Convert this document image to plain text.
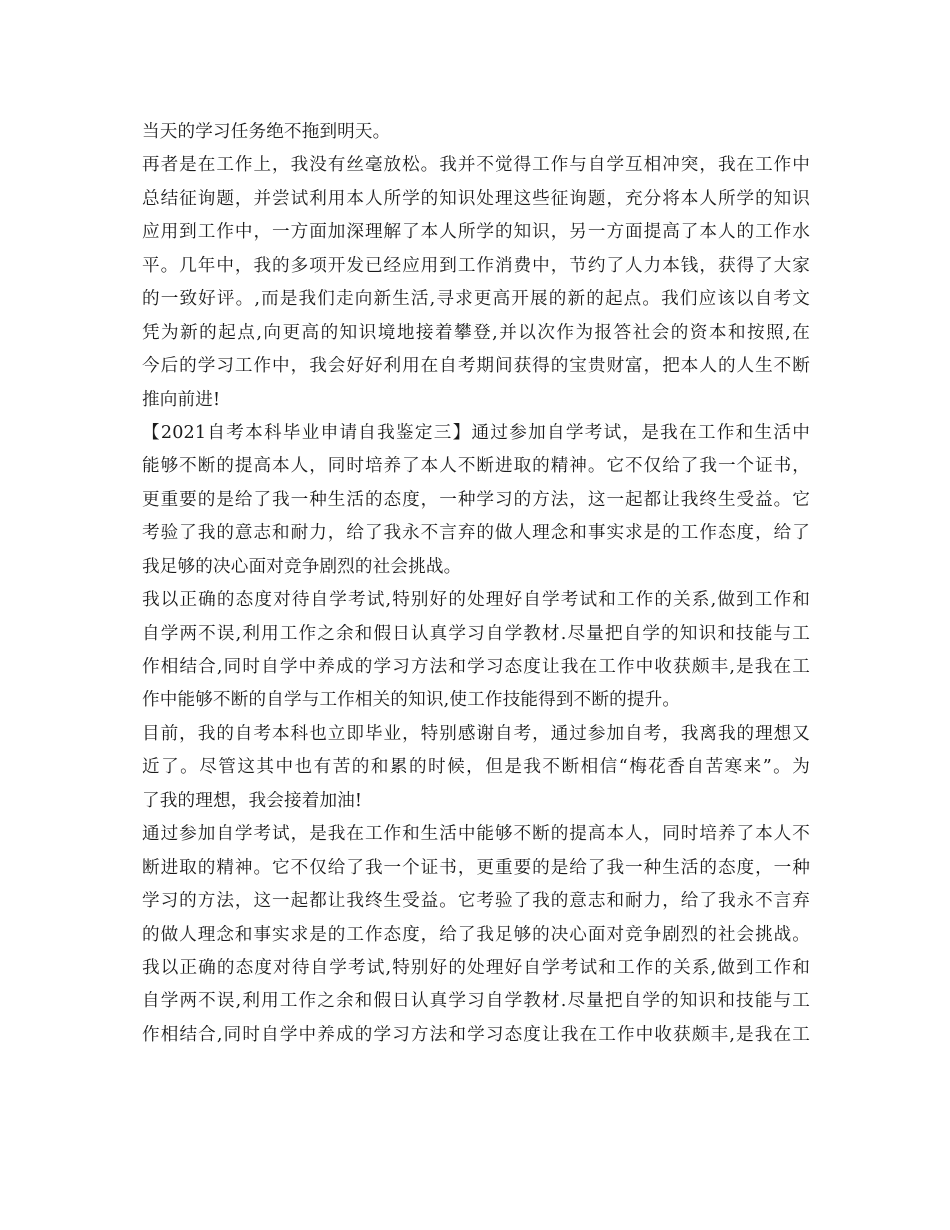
当天的学习任务绝不拖到明天。
再者是在工作上，我没有丝毫放松。我并不觉得工作与自学互相冲突，我在工作中
总结征询题，并尝试利用本人所学的知识处理这些征询题，充分将本人所学的知识
应用到工作中，一方面加深理解了本人所学的知识，另一方面提高了本人的工作水
平。几年中，我的多项开发已经应用到工作消费中，节约了人力本钱，获得了大家
的一致好评。,而是我们走向新生活,寻求更高开展的新的起点。我们应该以自考文
凭为新的起点,向更高的知识境地接着攀登,并以次作为报答社会的资本和按照,在
今后的学习工作中，我会好好利用在自考期间获得的宝贵财富，把本人的人生不断
推向前进!
【2021自考本科毕业申请自我鉴定三】通过参加自学考试，是我在工作和生活中
能够不断的提高本人，同时培养了本人不断进取的精神。它不仅给了我一个证书，
更重要的是给了我一种生活的态度，一种学习的方法，这一起都让我终生受益。它
考验了我的意志和耐力，给了我永不言弃的做人理念和事实求是的工作态度，给了
我足够的决心面对竞争剧烈的社会挑战。
我以正确的态度对待自学考试,特别好的处理好自学考试和工作的关系,做到工作和
自学两不误,利用工作之余和假日认真学习自学教材.尽量把自学的知识和技能与工
作相结合,同时自学中养成的学习方法和学习态度让我在工作中收获颇丰,是我在工
作中能够不断的自学与工作相关的知识,使工作技能得到不断的提升。
目前，我的自考本科也立即毕业，特别感谢自考，通过参加自考，我离我的理想又
近了。尽管这其中也有苦的和累的时候，但是我不断相信“梅花香自苦寒来”。为
了我的理想，我会接着加油!
通过参加自学考试，是我在工作和生活中能够不断的提高本人，同时培养了本人不
断进取的精神。它不仅给了我一个证书，更重要的是给了我一种生活的态度，一种
学习的方法，这一起都让我终生受益。它考验了我的意志和耐力，给了我永不言弃
的做人理念和事实求是的工作态度，给了我足够的决心面对竞争剧烈的社会挑战。
我以正确的态度对待自学考试,特别好的处理好自学考试和工作的关系,做到工作和
自学两不误,利用工作之余和假日认真学习自学教材.尽量把自学的知识和技能与工
作相结合,同时自学中养成的学习方法和学习态度让我在工作中收获颇丰,是我在工
